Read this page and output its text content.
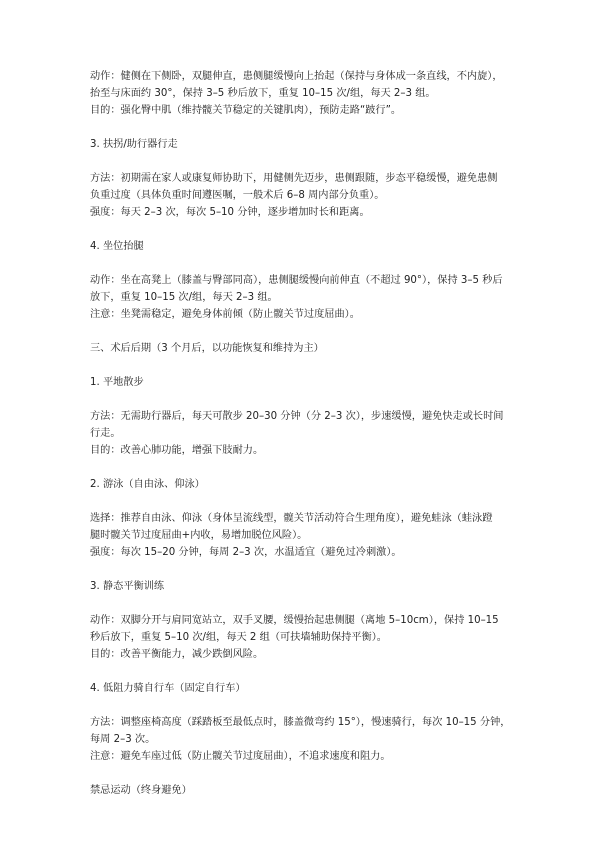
动作：健侧在下侧卧，双腿伸直，患侧腿缓慢向上抬起（保持与身体成一条直线，不内旋），
抬至与床面约 30°，保持 3–5 秒后放下，重复 10–15 次/组，每天 2–3 组。
目的：强化臀中肌（维持髋关节稳定的关键肌肉），预防走路“跛行”。
3. 扶拐/助行器行走
方法：初期需在家人或康复师协助下，用健侧先迈步，患侧跟随，步态平稳缓慢，避免患侧
负重过度（具体负重时间遵医嘱，一般术后 6–8 周内部分负重）。
强度：每天 2–3 次，每次 5–10 分钟，逐步增加时长和距离。
4. 坐位抬腿
动作：坐在高凳上（膝盖与臀部同高），患侧腿缓慢向前伸直（不超过 90°），保持 3–5 秒后
放下，重复 10–15 次/组，每天 2–3 组。
注意：坐凳需稳定，避免身体前倾（防止髋关节过度屈曲）。
三、术后后期（3 个月后，以功能恢复和维持为主）
1. 平地散步
方法：无需助行器后，每天可散步 20–30 分钟（分 2–3 次），步速缓慢，避免快走或长时间
行走。
目的：改善心肺功能，增强下肢耐力。
2. 游泳（自由泳、仰泳）
选择：推荐自由泳、仰泳（身体呈流线型，髋关节活动符合生理角度），避免蛙泳（蛙泳蹬
腿时髋关节过度屈曲+内收，易增加脱位风险）。
强度：每次 15–20 分钟，每周 2–3 次，水温适宜（避免过冷刺激）。
3. 静态平衡训练
动作：双脚分开与肩同宽站立，双手叉腰，缓慢抬起患侧腿（离地 5–10cm），保持 10–15
秒后放下，重复 5–10 次/组，每天 2 组（可扶墙辅助保持平衡）。
目的：改善平衡能力，减少跌倒风险。
4. 低阻力骑自行车（固定自行车）
方法：调整座椅高度（踩踏板至最低点时，膝盖微弯约 15°），慢速骑行，每次 10–15 分钟，
每周 2–3 次。
注意：避免车座过低（防止髋关节过度屈曲），不追求速度和阻力。
禁忌运动（终身避免）
